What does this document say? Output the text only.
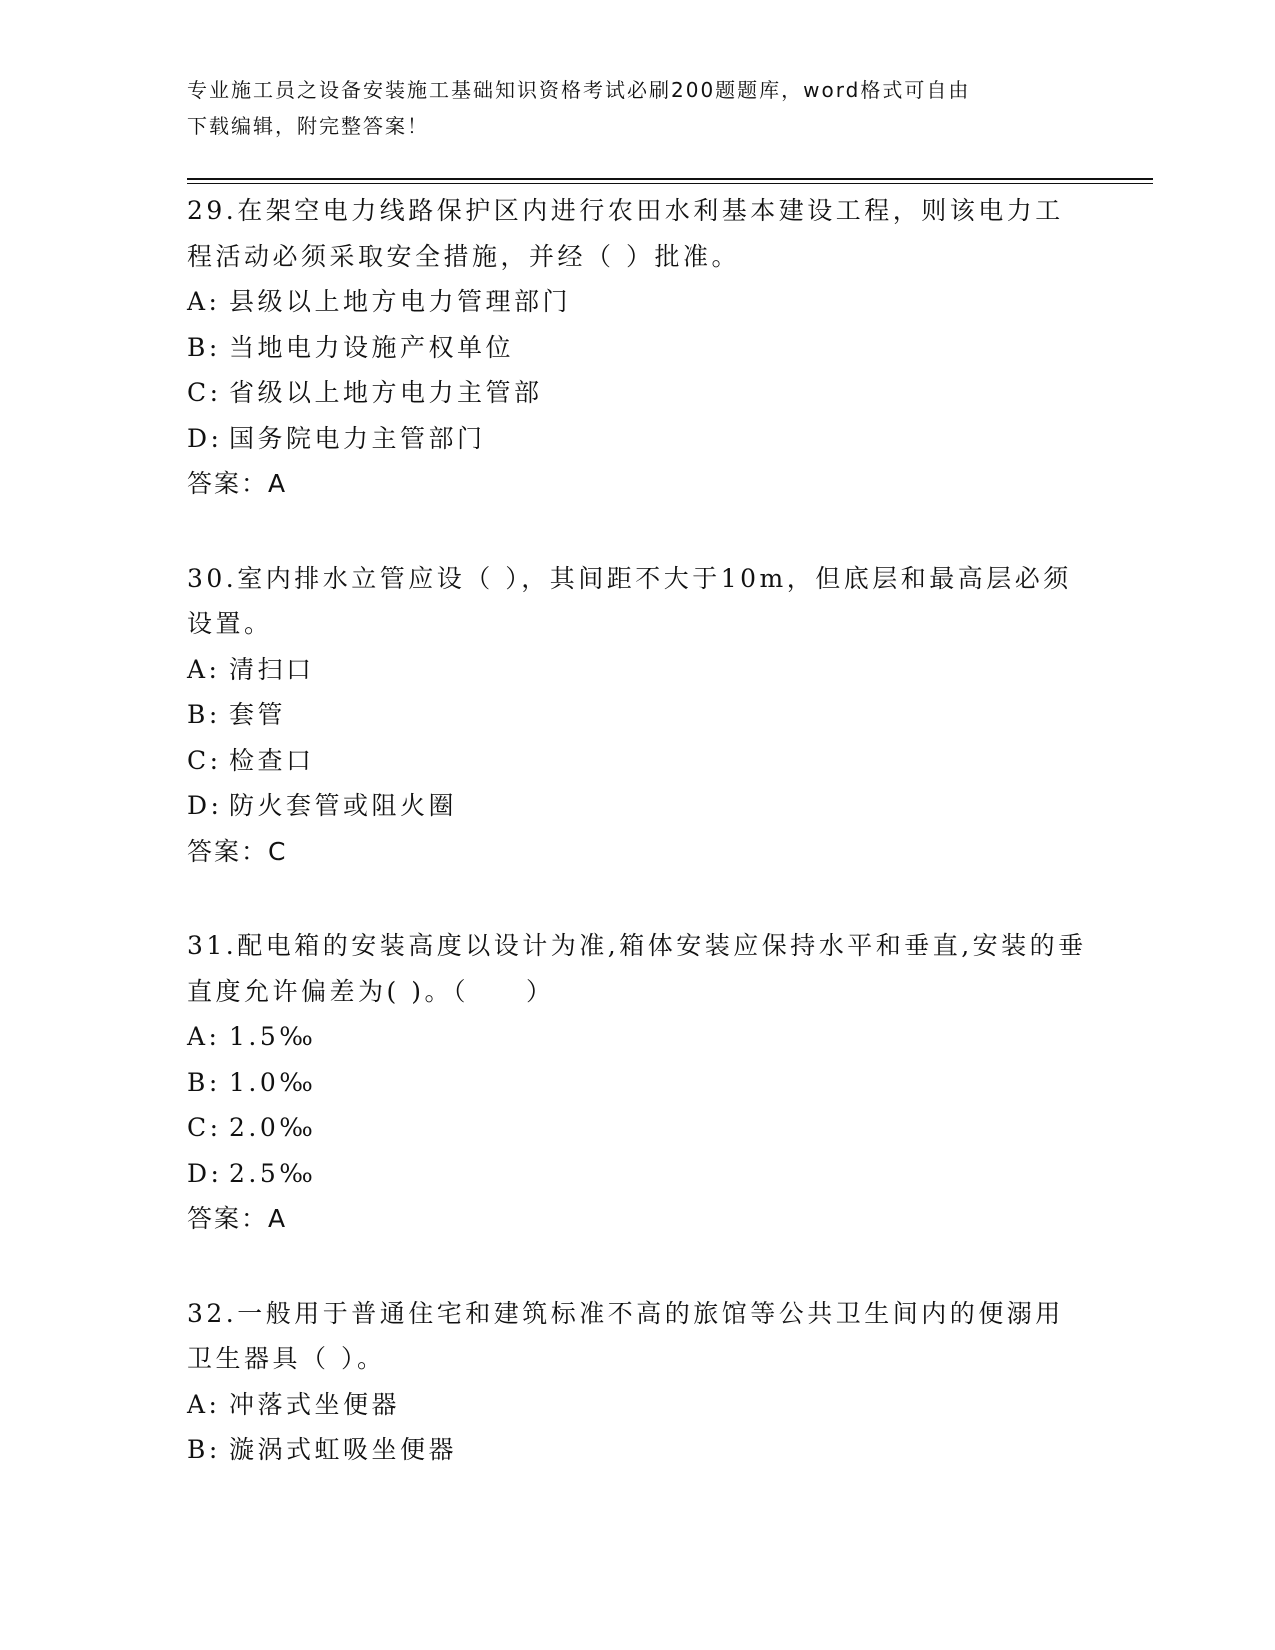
专业施工员之设备安装施工基础知识资格考试必刷200题题库，word格式可自由
下载编辑，附完整答案！

29.在架空电力线路保护区内进行农田水利基本建设工程，则该电力工程活动必须采取安全措施，并经（ ）批准。

A: 县级以上地方电力管理部门
B: 当地电力设施产权单位
C: 省级以上地方电力主管部
D: 国务院电力主管部门
答案：A

30.室内排水立管应设（ ），其间距不大于10m，但底层和最高层必须设置。

A: 清扫口
B: 套管
C: 检查口
D: 防火套管或阻火圈
答案：C

31.配电箱的安装高度以设计为准,箱体安装应保持水平和垂直,安装的垂直度允许偏差为( )。（　　）

A: 1.5‰
B: 1.0‰
C: 2.0‰
D: 2.5‰
答案：A

32.一般用于普通住宅和建筑标准不高的旅馆等公共卫生间内的便溺用卫生器具（ ）。

A: 冲落式坐便器
B: 漩涡式虹吸坐便器
